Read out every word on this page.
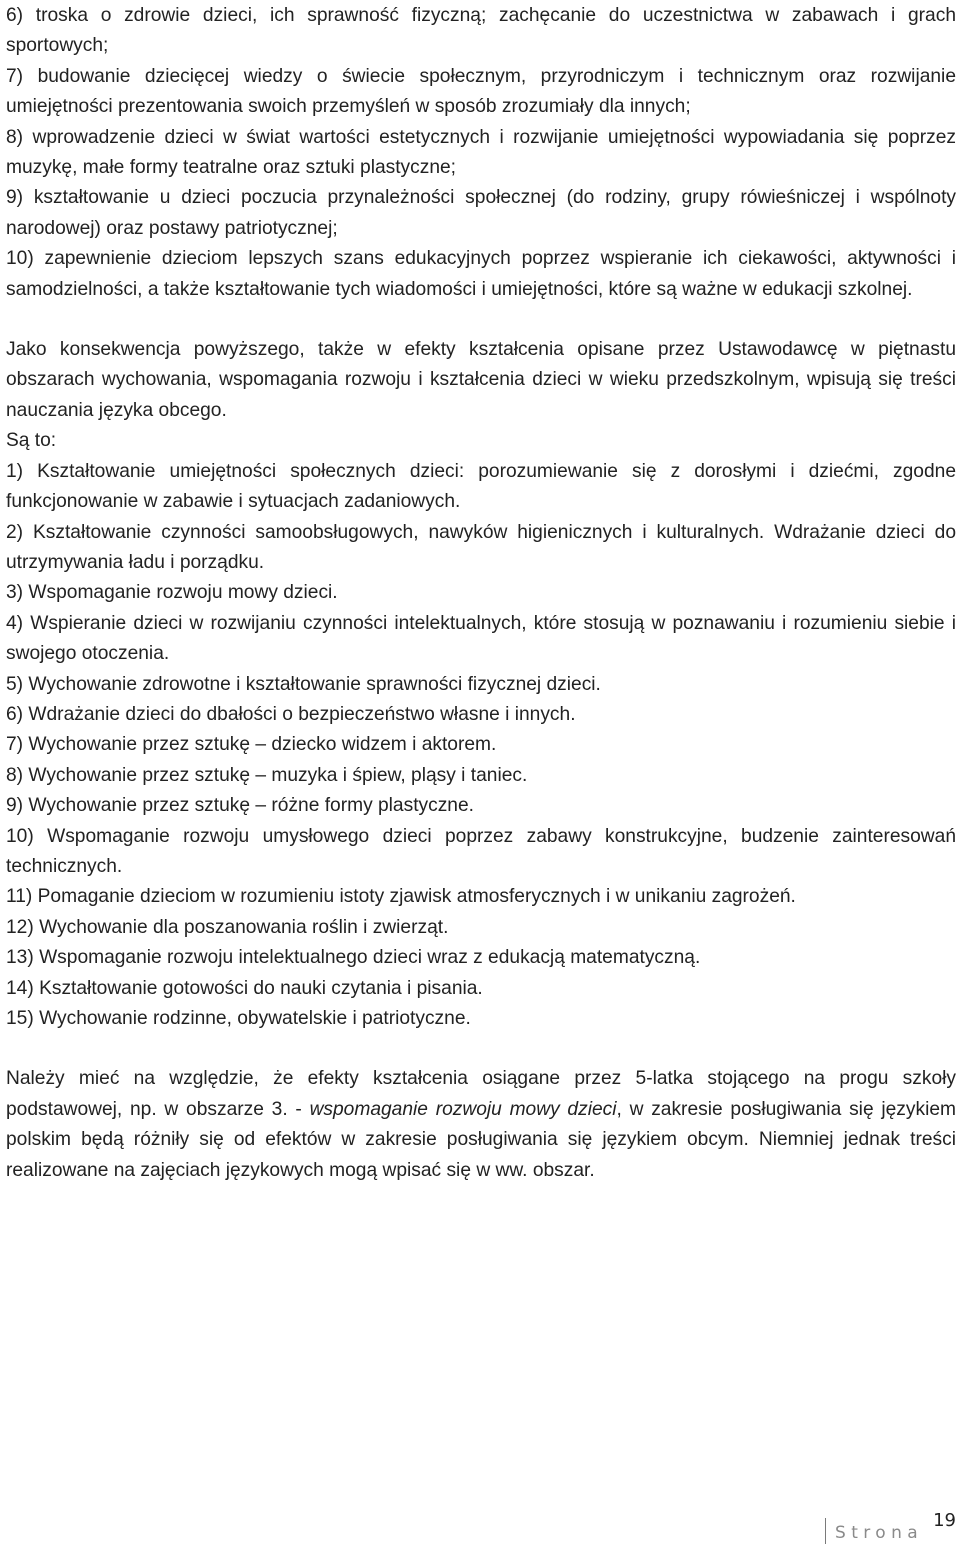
6) troska o zdrowie dzieci, ich sprawność fizyczną; zachęcanie do uczestnictwa w zabawach i grach sportowych;

7) budowanie dziecięcej wiedzy o świecie społecznym, przyrodniczym i technicznym oraz rozwijanie umiejętności prezentowania swoich przemyśleń w sposób zrozumiały dla innych;

8) wprowadzenie dzieci w świat wartości estetycznych i rozwijanie umiejętności wypowiadania się poprzez muzykę, małe formy teatralne oraz sztuki plastyczne;

9) kształtowanie u dzieci poczucia przynależności społecznej (do rodziny, grupy rówieśniczej i wspólnoty narodowej) oraz postawy patriotycznej;

10) zapewnienie dzieciom lepszych szans edukacyjnych poprzez wspieranie ich ciekawości, aktywności i samodzielności, a także kształtowanie tych wiadomości i umiejętności, które są ważne w edukacji szkolnej.

Jako konsekwencja powyższego, także w efekty kształcenia opisane przez Ustawodawcę w piętnastu obszarach wychowania, wspomagania rozwoju i kształcenia dzieci w wieku przedszkolnym, wpisują się treści nauczania języka obcego.

Są to:

1) Kształtowanie umiejętności społecznych dzieci: porozumiewanie się z dorosłymi i dziećmi, zgodne funkcjonowanie w zabawie i sytuacjach zadaniowych.

2) Kształtowanie czynności samoobsługowych, nawyków higienicznych i kulturalnych. Wdrażanie dzieci do utrzymywania ładu i porządku.

3) Wspomaganie rozwoju mowy dzieci.

4) Wspieranie dzieci w rozwijaniu czynności intelektualnych, które stosują w poznawaniu i rozumieniu siebie i swojego otoczenia.

5) Wychowanie zdrowotne i kształtowanie sprawności fizycznej dzieci.

6) Wdrażanie dzieci do dbałości o bezpieczeństwo własne i innych.

7) Wychowanie przez sztukę – dziecko widzem i aktorem.

8) Wychowanie przez sztukę – muzyka i śpiew, pląsy i taniec.

9) Wychowanie przez sztukę – różne formy plastyczne.

10) Wspomaganie rozwoju umysłowego dzieci poprzez zabawy konstrukcyjne, budzenie zainteresowań technicznych.

11) Pomaganie dzieciom w rozumieniu istoty zjawisk atmosferycznych i w unikaniu zagrożeń.

12) Wychowanie dla poszanowania roślin i zwierząt.

13) Wspomaganie rozwoju intelektualnego dzieci wraz z edukacją matematyczną.

14) Kształtowanie gotowości do nauki czytania i pisania.

15) Wychowanie rodzinne, obywatelskie i patriotyczne.

Należy mieć na względzie, że efekty kształcenia osiągane przez 5-latka stojącego na progu szkoły podstawowej, np. w obszarze 3. - wspomaganie rozwoju mowy dzieci, w zakresie posługiwania się językiem polskim będą różniły się od efektów w zakresie posługiwania się językiem obcym. Niemniej jednak treści realizowane na zajęciach językowych mogą wpisać się w ww. obszar.

Strona
19
